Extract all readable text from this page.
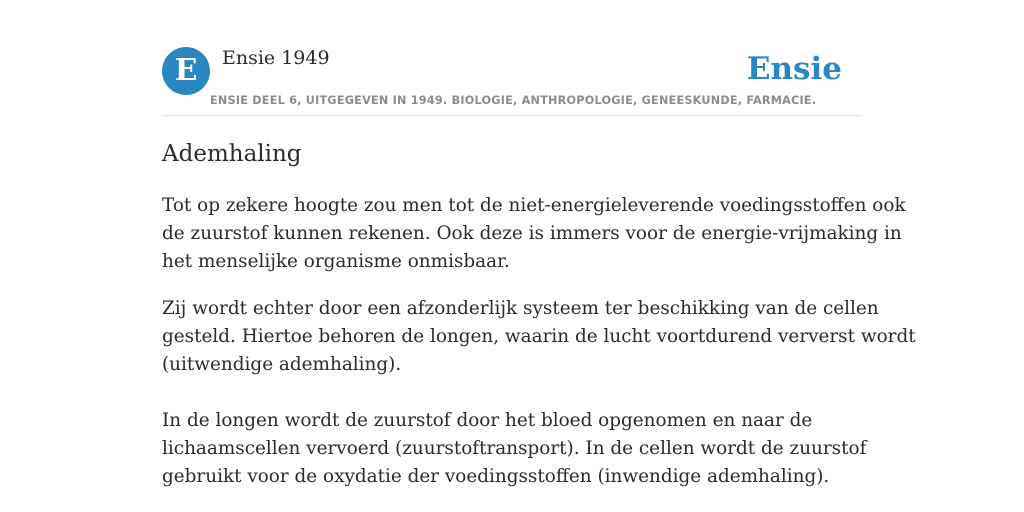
E	Ensie 1949	Ensie
ENSIE DEEL 6, UITGEGEVEN IN 1949. BIOLOGIE, ANTHROPOLOGIE, GENEESKUNDE, FARMACIE.
Ademhaling

Tot op zekere hoogte zou men tot de niet-energieleverende voedingsstoffen ook
de zuurstof kunnen rekenen. Ook deze is immers voor de energie-vrijmaking in
het menselijke organisme onmisbaar.

Zij wordt echter door een afzonderlijk systeem ter beschikking van de cellen
gesteld. Hiertoe behoren de longen, waarin de lucht voortdurend ververst wordt
(uitwendige ademhaling).

In de longen wordt de zuurstof door het bloed opgenomen en naar de
lichaamscellen vervoerd (zuurstoftransport). In de cellen wordt de zuurstof
gebruikt voor de oxydatie der voedingsstoffen (inwendige ademhaling).
